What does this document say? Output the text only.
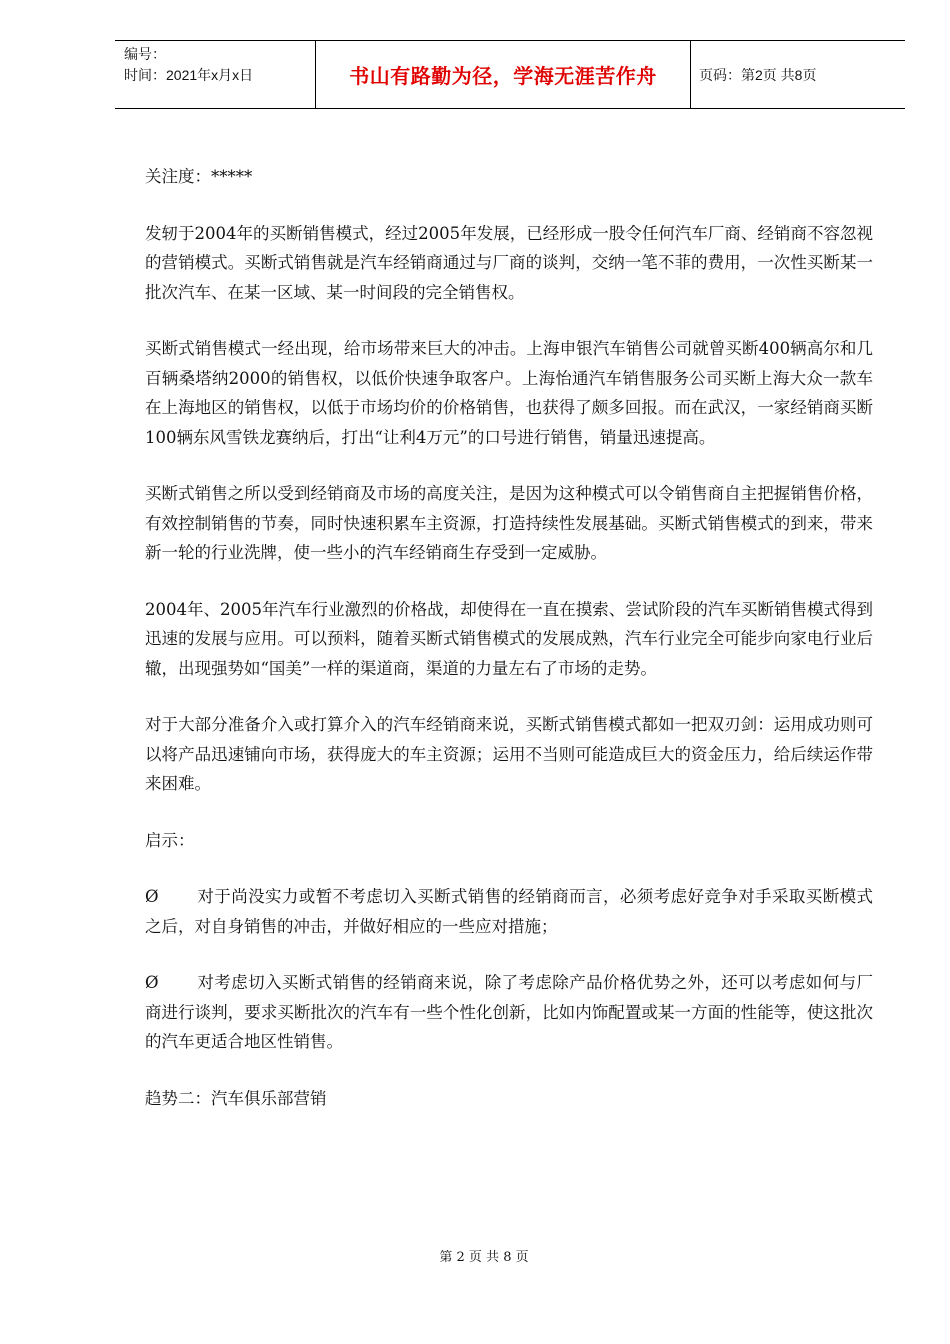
编号：
时间：2021年x月x日	书山有路勤为径，学海无涯苦作舟	页码：第2页 共8页

关注度：*****

发轫于2004年的买断销售模式，经过2005年发展，已经形成一股令任何汽车厂商、经销商不容忽视的营销模式。买断式销售就是汽车经销商通过与厂商的谈判，交纳一笔不菲的费用，一次性买断某一批次汽车、在某一区域、某一时间段的完全销售权。

买断式销售模式一经出现，给市场带来巨大的冲击。上海申银汽车销售公司就曾买断400辆高尔和几百辆桑塔纳2000的销售权，以低价快速争取客户。上海怡通汽车销售服务公司买断上海大众一款车在上海地区的销售权，以低于市场均价的价格销售，也获得了颇多回报。而在武汉，一家经销商买断100辆东风雪铁龙赛纳后，打出“让利4万元”的口号进行销售，销量迅速提高。

买断式销售之所以受到经销商及市场的高度关注，是因为这种模式可以令销售商自主把握销售价格，有效控制销售的节奏，同时快速积累车主资源，打造持续性发展基础。买断式销售模式的到来，带来新一轮的行业洗牌，使一些小的汽车经销商生存受到一定威胁。

2004年、2005年汽车行业激烈的价格战，却使得在一直在摸索、尝试阶段的汽车买断销售模式得到迅速的发展与应用。可以预料，随着买断式销售模式的发展成熟，汽车行业完全可能步向家电行业后辙，出现强势如“国美”一样的渠道商，渠道的力量左右了市场的走势。

对于大部分准备介入或打算介入的汽车经销商来说，买断式销售模式都如一把双刃剑：运用成功则可以将产品迅速铺向市场，获得庞大的车主资源；运用不当则可能造成巨大的资金压力，给后续运作带来困难。

启示：

Ø 对于尚没实力或暂不考虑切入买断式销售的经销商而言，必须考虑好竞争对手采取买断模式之后，对自身销售的冲击，并做好相应的一些应对措施；

Ø 对考虑切入买断式销售的经销商来说，除了考虑除产品价格优势之外，还可以考虑如何与厂商进行谈判，要求买断批次的汽车有一些个性化创新，比如内饰配置或某一方面的性能等，使这批次的汽车更适合地区性销售。

趋势二：汽车俱乐部营销

第 2 页 共 8 页
